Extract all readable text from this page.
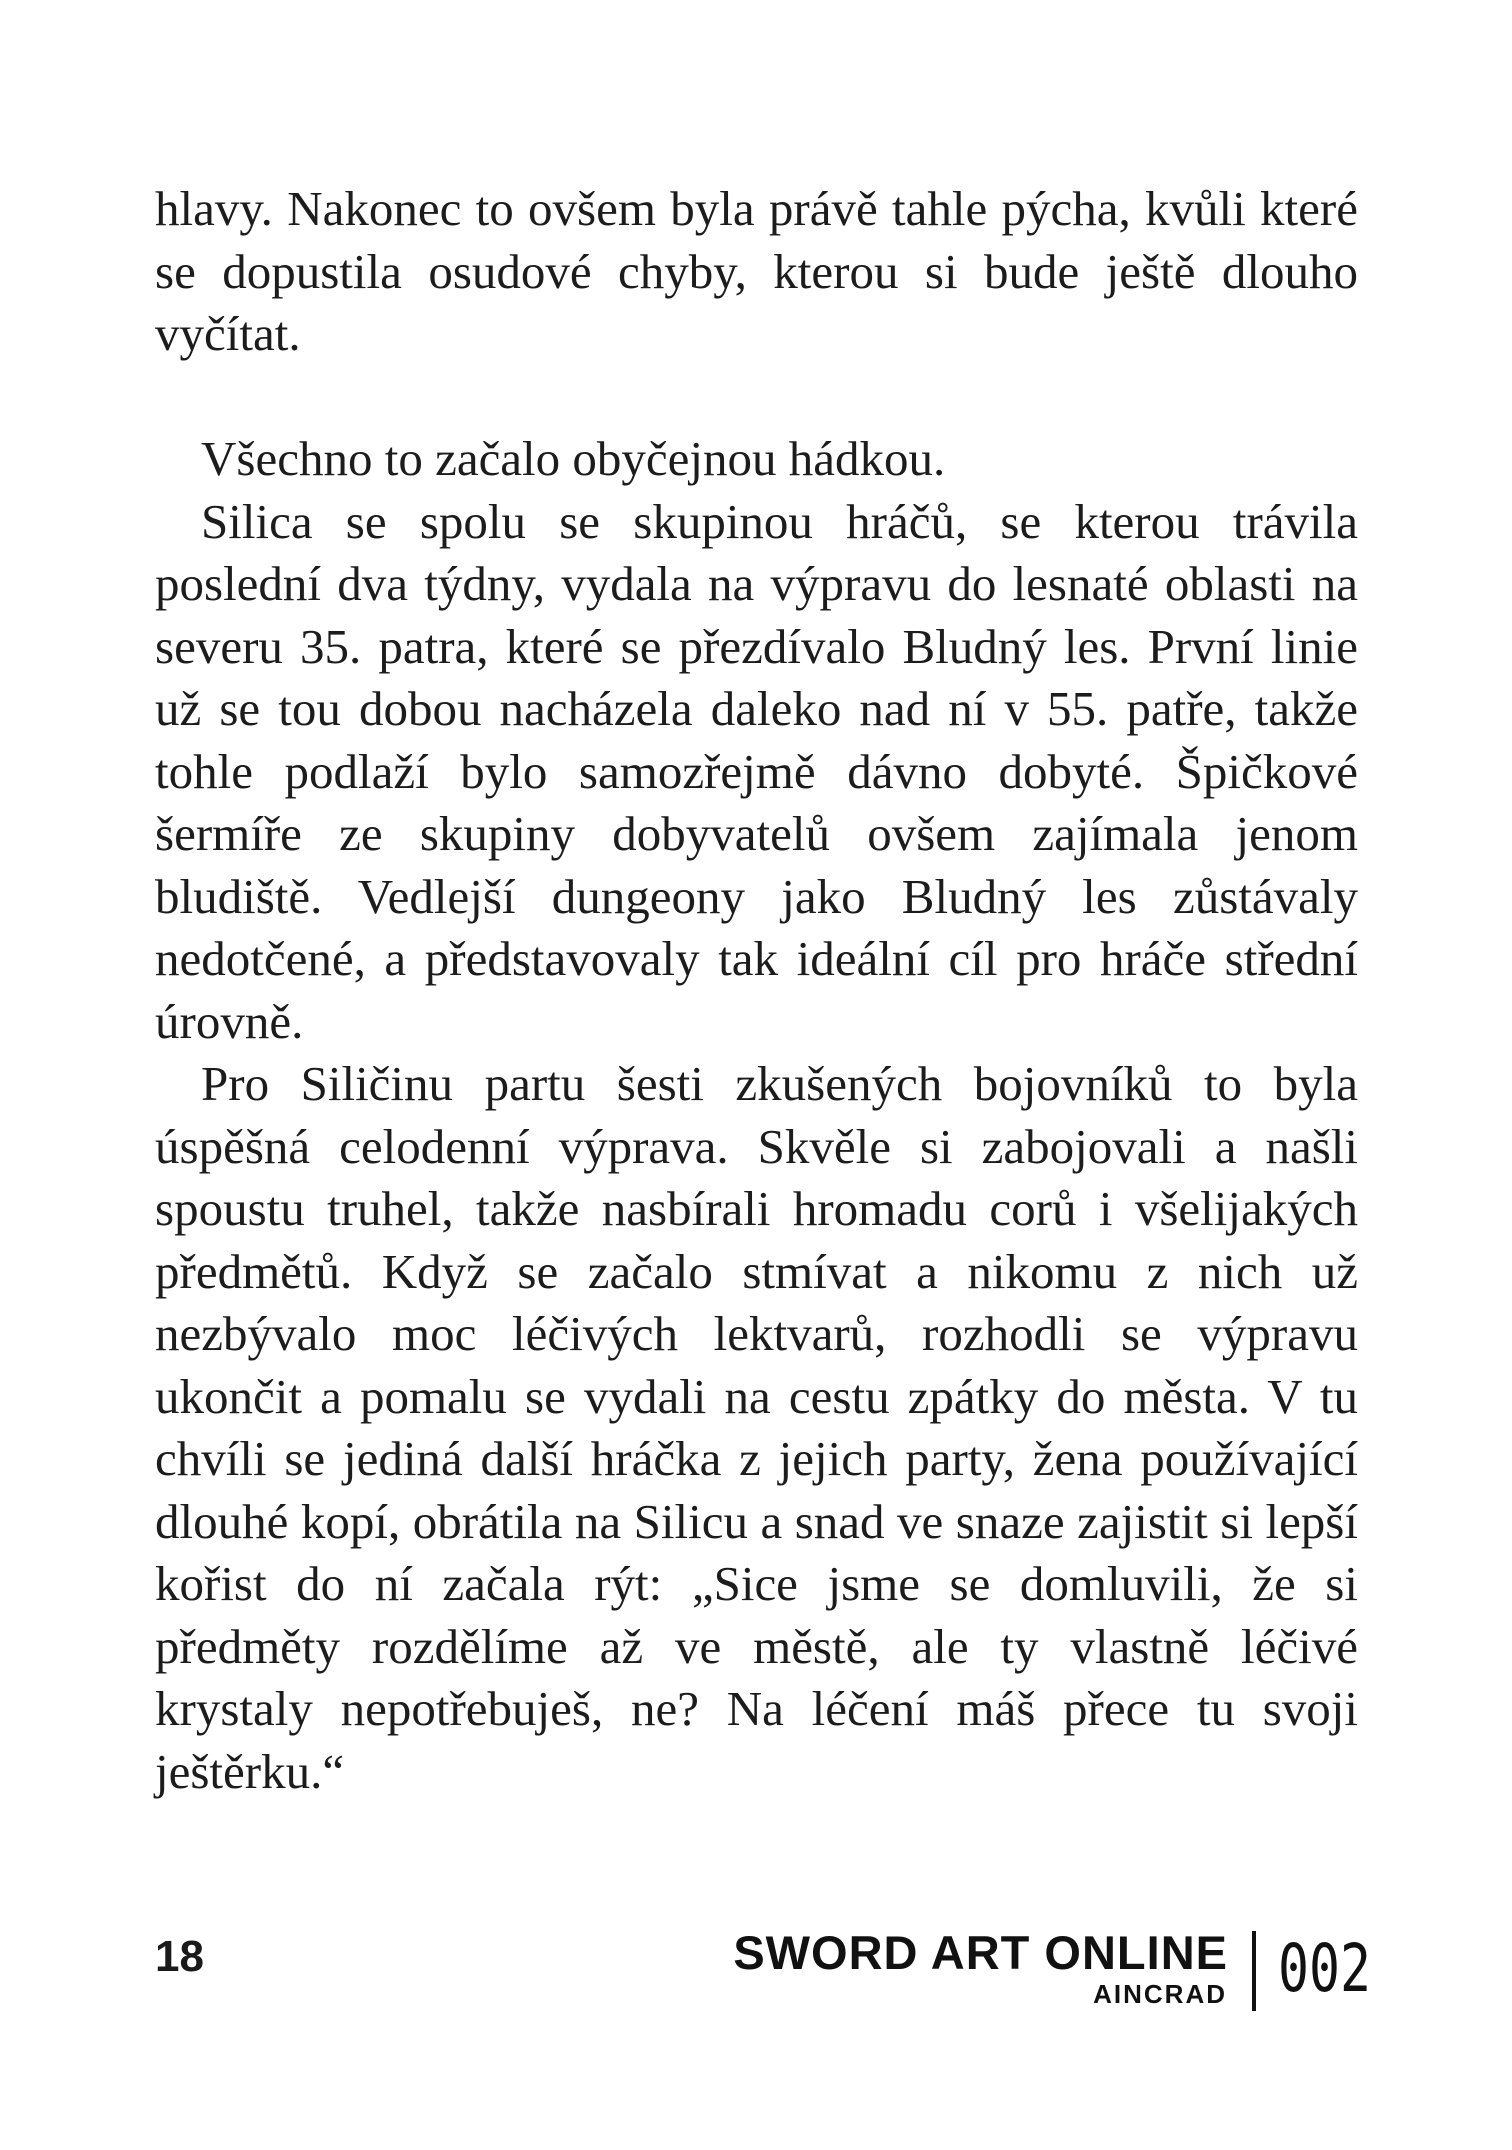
hlavy. Nakonec to ovšem byla právě tahle pýcha, kvůli které se dopustila osudové chyby, kterou si bude ještě dlouho vyčítat.

Všechno to začalo obyčejnou hádkou.

Silica se spolu se skupinou hráčů, se kterou trávila poslední dva týdny, vydala na výpravu do lesnaté oblasti na severu 35. patra, které se přezdívalo Bludný les. První linie už se tou dobou nacházela daleko nad ní v 55. patře, takže tohle podlaží bylo samozřejmě dávno dobyté. Špičkové šermíře ze skupiny dobyvatelů ovšem zajímala jenom bludiště. Vedlejší dungeony jako Bludný les zůstávaly nedotčené, a představovaly tak ideální cíl pro hráče střední úrovně.

Pro Siličinu partu šesti zkušených bojovníků to byla úspěšná celodenní výprava. Skvěle si zabojovali a našli spoustu truhel, takže nasbírali hromadu corů i všelijakých předmětů. Když se začalo stmívat a nikomu z nich už nezbývalo moc léčivých lektvarů, rozhodli se výpravu ukončit a pomalu se vydali na cestu zpátky do města. V tu chvíli se jediná další hráčka z jejich party, žena používající dlouhé kopí, obrátila na Silicu a snad ve snaze zajistit si lepší kořist do ní začala rýt: „Sice jsme se domluvili, že si předměty rozdělíme až ve městě, ale ty vlastně léčivé krystaly nepotřebuješ, ne? Na léčení máš přece tu svoji ještěrku.“

18	SWORD ART ONLINE
AINCRAD 002
